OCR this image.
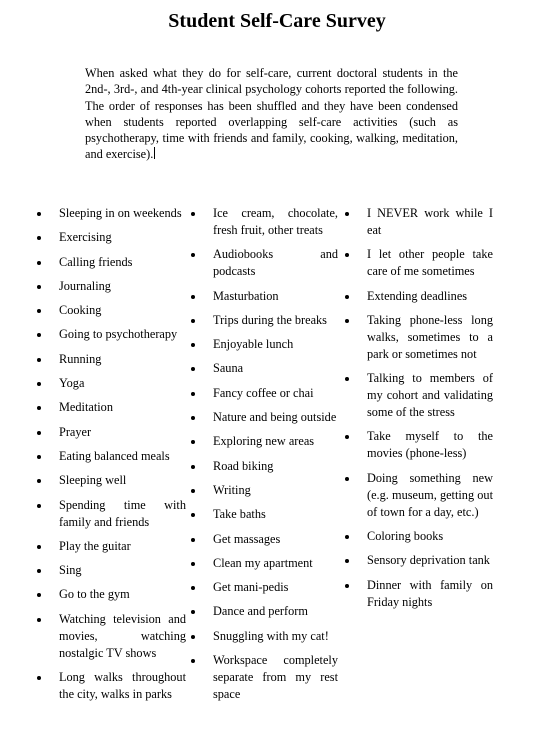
Student Self-Care Survey
When asked what they do for self-care, current doctoral students in the 2nd-, 3rd-, and 4th-year clinical psychology cohorts reported the following. The order of responses has been shuffled and they have been condensed when students reported overlapping self-care activities (such as psychotherapy, time with friends and family, cooking, walking, meditation, and exercise).
Sleeping in on weekends
Exercising
Calling friends
Journaling
Cooking
Going to psychotherapy
Running
Yoga
Meditation
Prayer
Eating balanced meals
Sleeping well
Spending time with family and friends
Play the guitar
Sing
Go to the gym
Watching television and movies, watching nostalgic TV shows
Long walks throughout the city, walks in parks
Ice cream, chocolate, fresh fruit, other treats
Audiobooks and podcasts
Masturbation
Trips during the breaks
Enjoyable lunch
Sauna
Fancy coffee or chai
Nature and being outside
Exploring new areas
Road biking
Writing
Take baths
Get massages
Clean my apartment
Get mani-pedis
Dance and perform
Snuggling with my cat!
Workspace completely separate from my rest space
I NEVER work while I eat
I let other people take care of me sometimes
Extending deadlines
Taking phone-less long walks, sometimes to a park or sometimes not
Talking to members of my cohort and validating some of the stress
Take myself to the movies (phone-less)
Doing something new (e.g. museum, getting out of town for a day, etc.)
Coloring books
Sensory deprivation tank
Dinner with family on Friday nights
